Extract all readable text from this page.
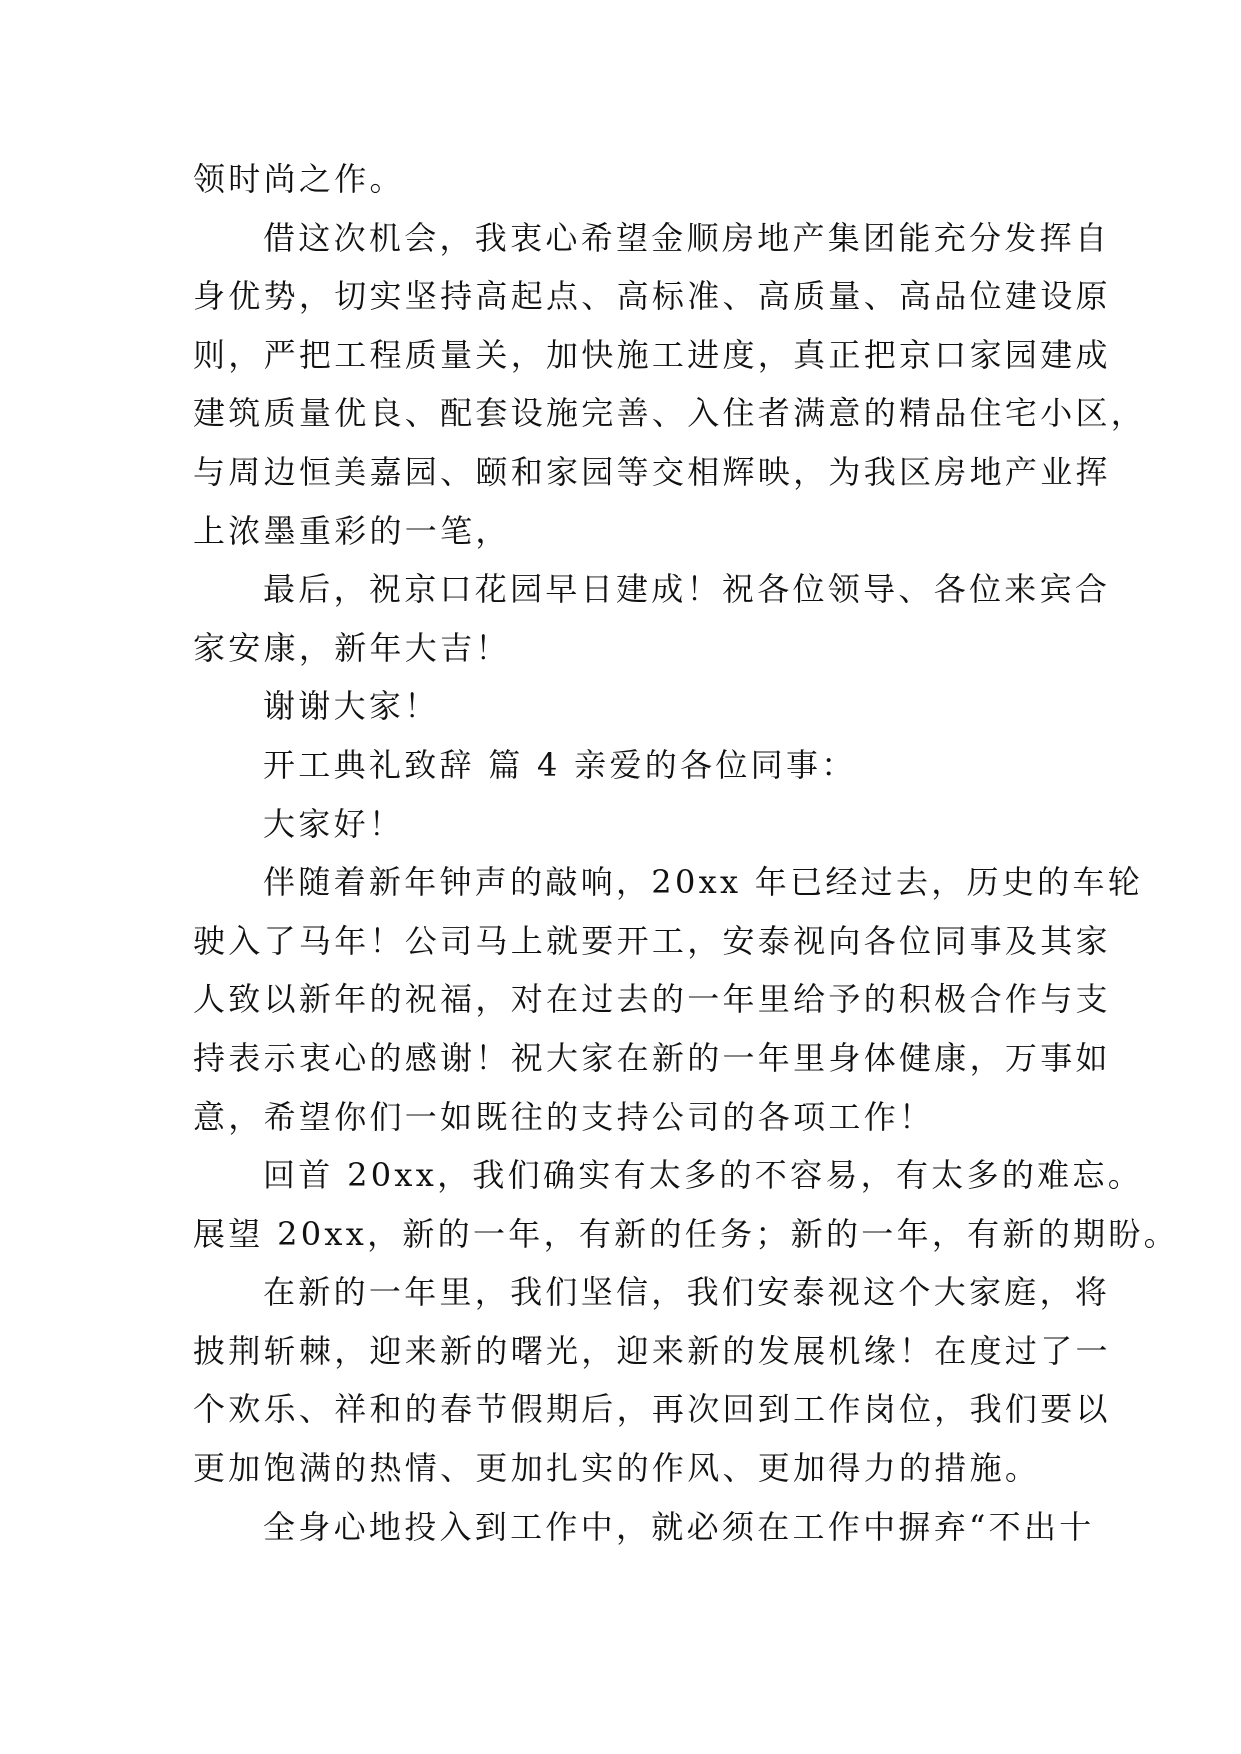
领时尚之作。
借这次机会，我衷心希望金顺房地产集团能充分发挥自
身优势，切实坚持高起点、高标准、高质量、高品位建设原
则，严把工程质量关，加快施工进度，真正把京口家园建成
建筑质量优良、配套设施完善、入住者满意的精品住宅小区，
与周边恒美嘉园、颐和家园等交相辉映，为我区房地产业挥
上浓墨重彩的一笔，
最后，祝京口花园早日建成！祝各位领导、各位来宾合
家安康，新年大吉！
谢谢大家！
开工典礼致辞 篇 4 亲爱的各位同事：
大家好！
伴随着新年钟声的敲响，20xx 年已经过去，历史的车轮
驶入了马年！公司马上就要开工，安泰视向各位同事及其家
人致以新年的祝福，对在过去的一年里给予的积极合作与支
持表示衷心的感谢！祝大家在新的一年里身体健康，万事如
意，希望你们一如既往的支持公司的各项工作！
回首 20xx，我们确实有太多的不容易，有太多的难忘。
展望 20xx，新的一年，有新的任务；新的一年，有新的期盼。
在新的一年里，我们坚信，我们安泰视这个大家庭，将
披荆斩棘，迎来新的曙光，迎来新的发展机缘！在度过了一
个欢乐、祥和的春节假期后，再次回到工作岗位，我们要以
更加饱满的热情、更加扎实的作风、更加得力的措施。
全身心地投入到工作中，就必须在工作中摒弃“不出十
